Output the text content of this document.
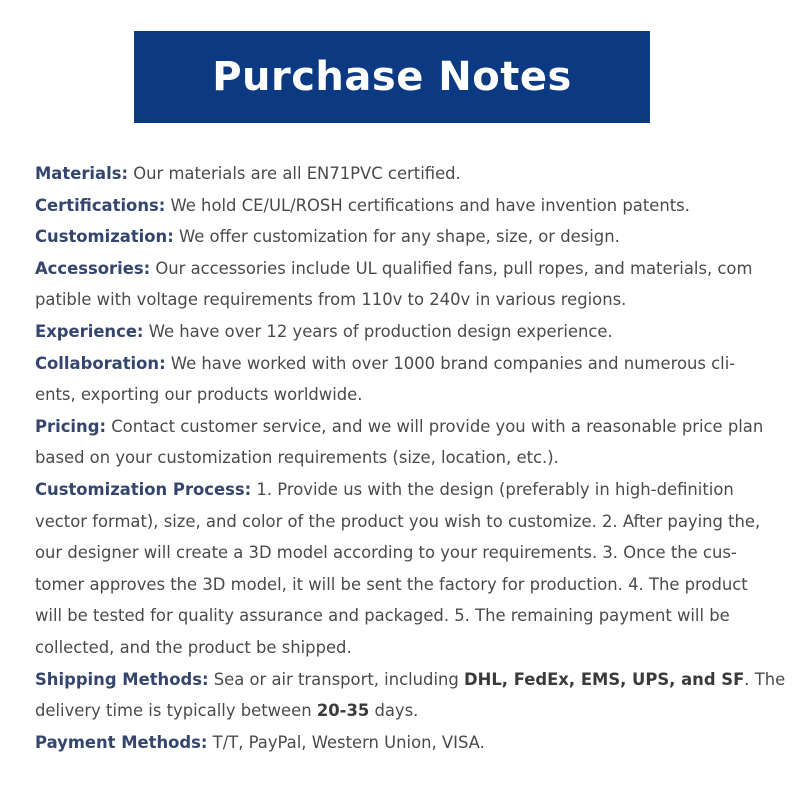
Purchase Notes
Materials: Our materials are all EN71PVC certified.
Certifications: We hold CE/UL/ROSH certifications and have invention patents.
Customization: We offer customization for any shape, size, or design.
Accessories: Our accessories include UL qualified fans, pull ropes, and materials, com
patible with voltage requirements from 110v to 240v in various regions.
Experience: We have over 12 years of production design experience.
Collaboration: We have worked with over 1000 brand companies and numerous cli-
ents, exporting our products worldwide.
Pricing: Contact customer service, and we will provide you with a reasonable price plan
based on your customization requirements (size, location, etc.).
Customization Process: 1. Provide us with the design (preferably in high-definition
vector format), size, and color of the product you wish to customize. 2. After paying the,
our designer will create a 3D model according to your requirements. 3. Once the cus-
tomer approves the 3D model, it will be sent the factory for production. 4. The product
will be tested for quality assurance and packaged. 5. The remaining payment will be
collected, and the product be shipped.
Shipping Methods: Sea or air transport, including DHL, FedEx, EMS, UPS, and SF. The
delivery time is typically between 20-35 days.
Payment Methods: T/T, PayPal, Western Union, VISA.
